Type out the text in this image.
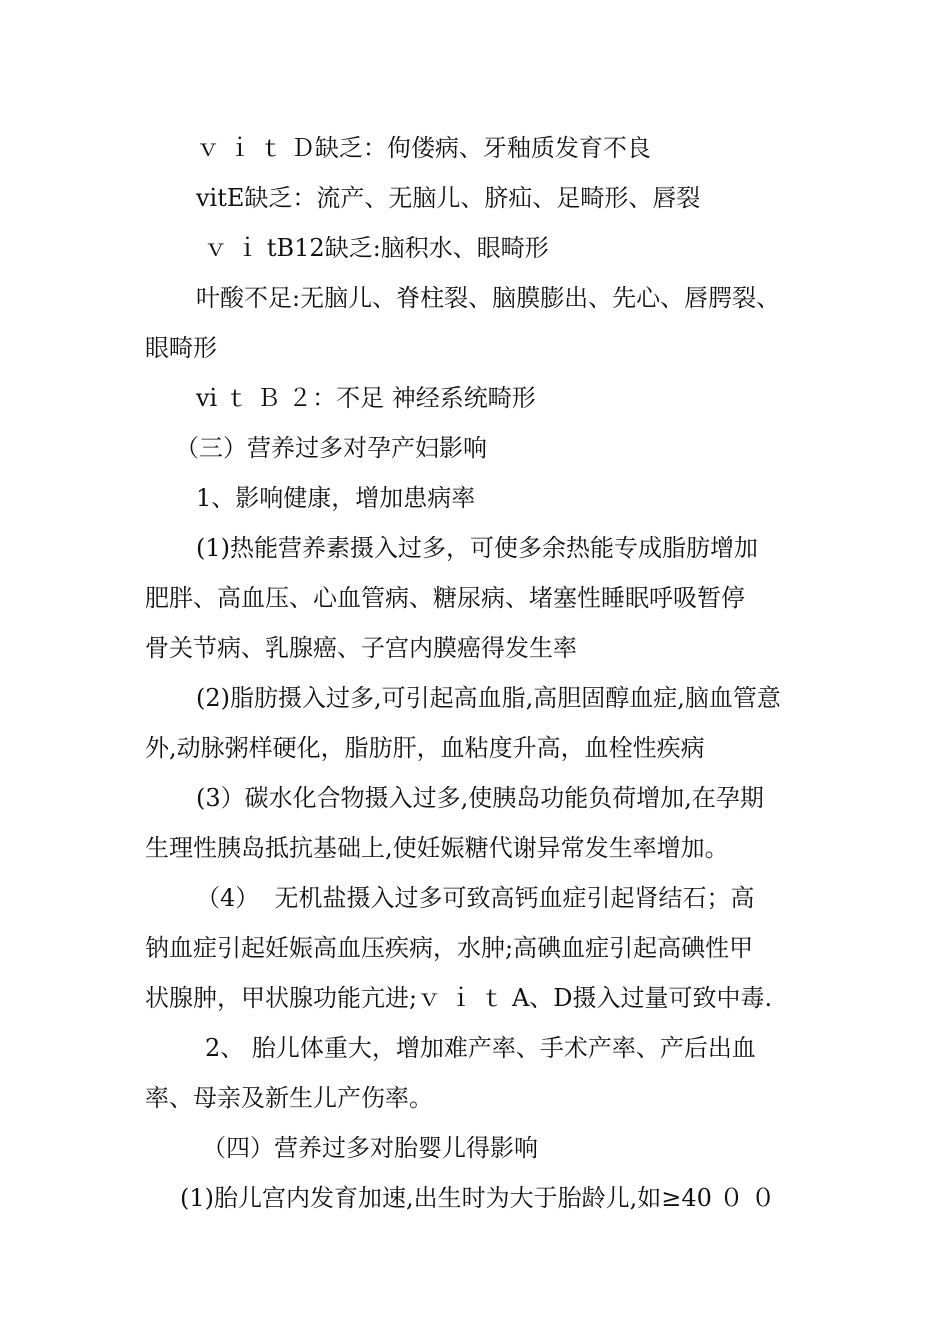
ｖ ｉ ｔ Ｄ缺乏：佝偻病、牙釉质发育不良
vitE缺乏：流产、无脑儿、脐疝、足畸形、唇裂
ｖ ｉ tB12缺乏:脑积水、眼畸形
叶酸不足:无脑儿、脊柱裂、脑膜膨出、先心、唇腭裂、
眼畸形
vi ｔ Ｂ ２：不足 神经系统畸形
（三）营养过多对孕产妇影响
1、影响健康，增加患病率
(1)热能营养素摄入过多，可使多余热能专成脂肪增加
肥胖、高血压、心血管病、糖尿病、堵塞性睡眠呼吸暂停
骨关节病、乳腺癌、子宫内膜癌得发生率
(2)脂肪摄入过多,可引起高血脂,高胆固醇血症,脑血管意
外,动脉粥样硬化，脂肪肝，血粘度升高，血栓性疾病
(3）碳水化合物摄入过多,使胰岛功能负荷增加,在孕期
生理性胰岛抵抗基础上,使妊娠糖代谢异常发生率增加。
（4）  无机盐摄入过多可致高钙血症引起肾结石；高
钠血症引起妊娠高血压疾病，水肿;高碘血症引起高碘性甲
状腺肿，甲状腺功能亢进;ｖ ｉ ｔ A、D摄入过量可致中毒.
2、 胎儿体重大，增加难产率、手术产率、产后出血
率、母亲及新生儿产伤率。
（四）营养过多对胎婴儿得影响
(1)胎儿宫内发育加速,出生时为大于胎龄儿,如≥40 ０ ０
